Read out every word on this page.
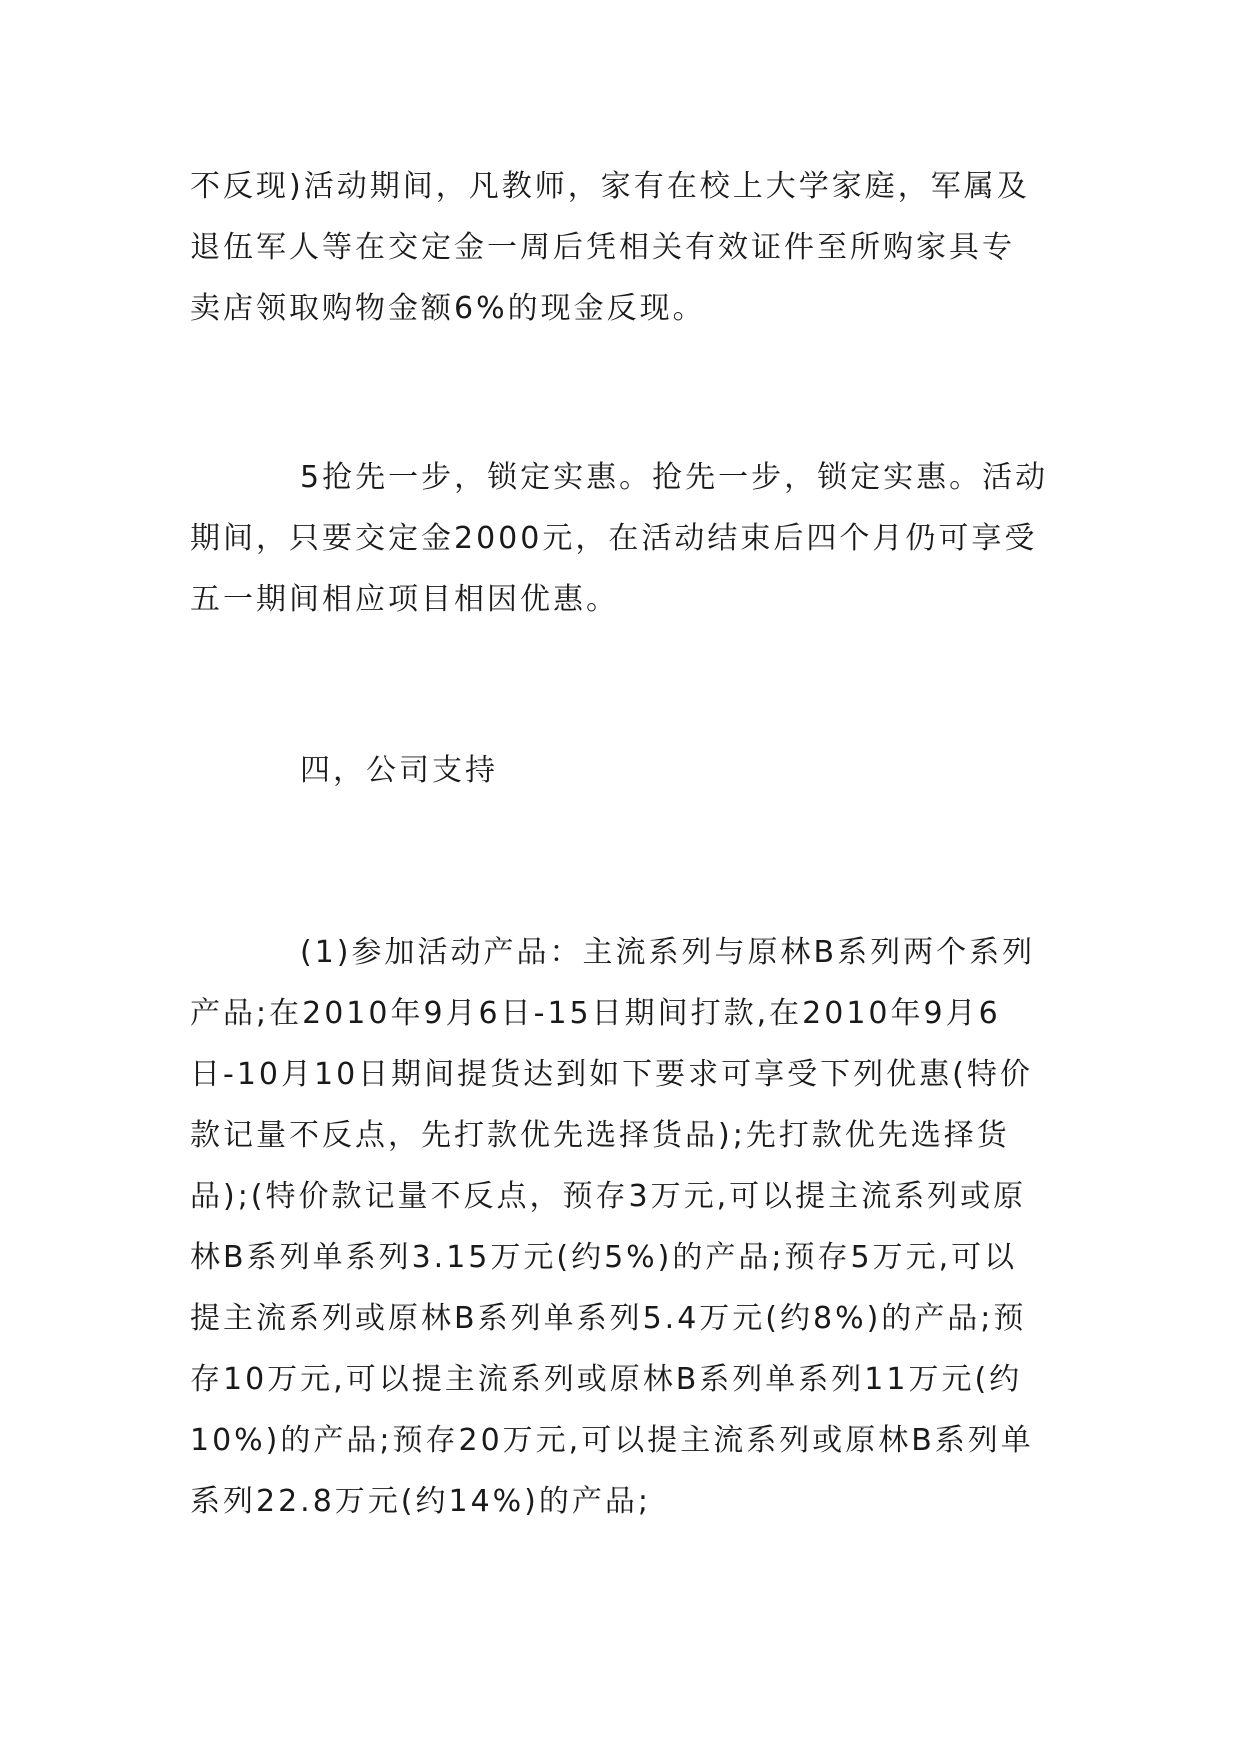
不反现)活动期间，凡教师，家有在校上大学家庭，军属及
退伍军人等在交定金一周后凭相关有效证件至所购家具专
卖店领取购物金额6%的现金反现。

5抢先一步，锁定实惠。抢先一步，锁定实惠。活动
期间，只要交定金2000元，在活动结束后四个月仍可享受
五一期间相应项目相因优惠。

四，公司支持

(1)参加活动产品：主流系列与原林B系列两个系列
产品;在2010年9月6日-15日期间打款,在2010年9月6
日-10月10日期间提货达到如下要求可享受下列优惠(特价
款记量不反点，先打款优先选择货品);先打款优先选择货
品);(特价款记量不反点，预存3万元,可以提主流系列或原
林B系列单系列3.15万元(约5%)的产品;预存5万元,可以
提主流系列或原林B系列单系列5.4万元(约8%)的产品;预
存10万元,可以提主流系列或原林B系列单系列11万元(约
10%)的产品;预存20万元,可以提主流系列或原林B系列单
系列22.8万元(约14%)的产品;
